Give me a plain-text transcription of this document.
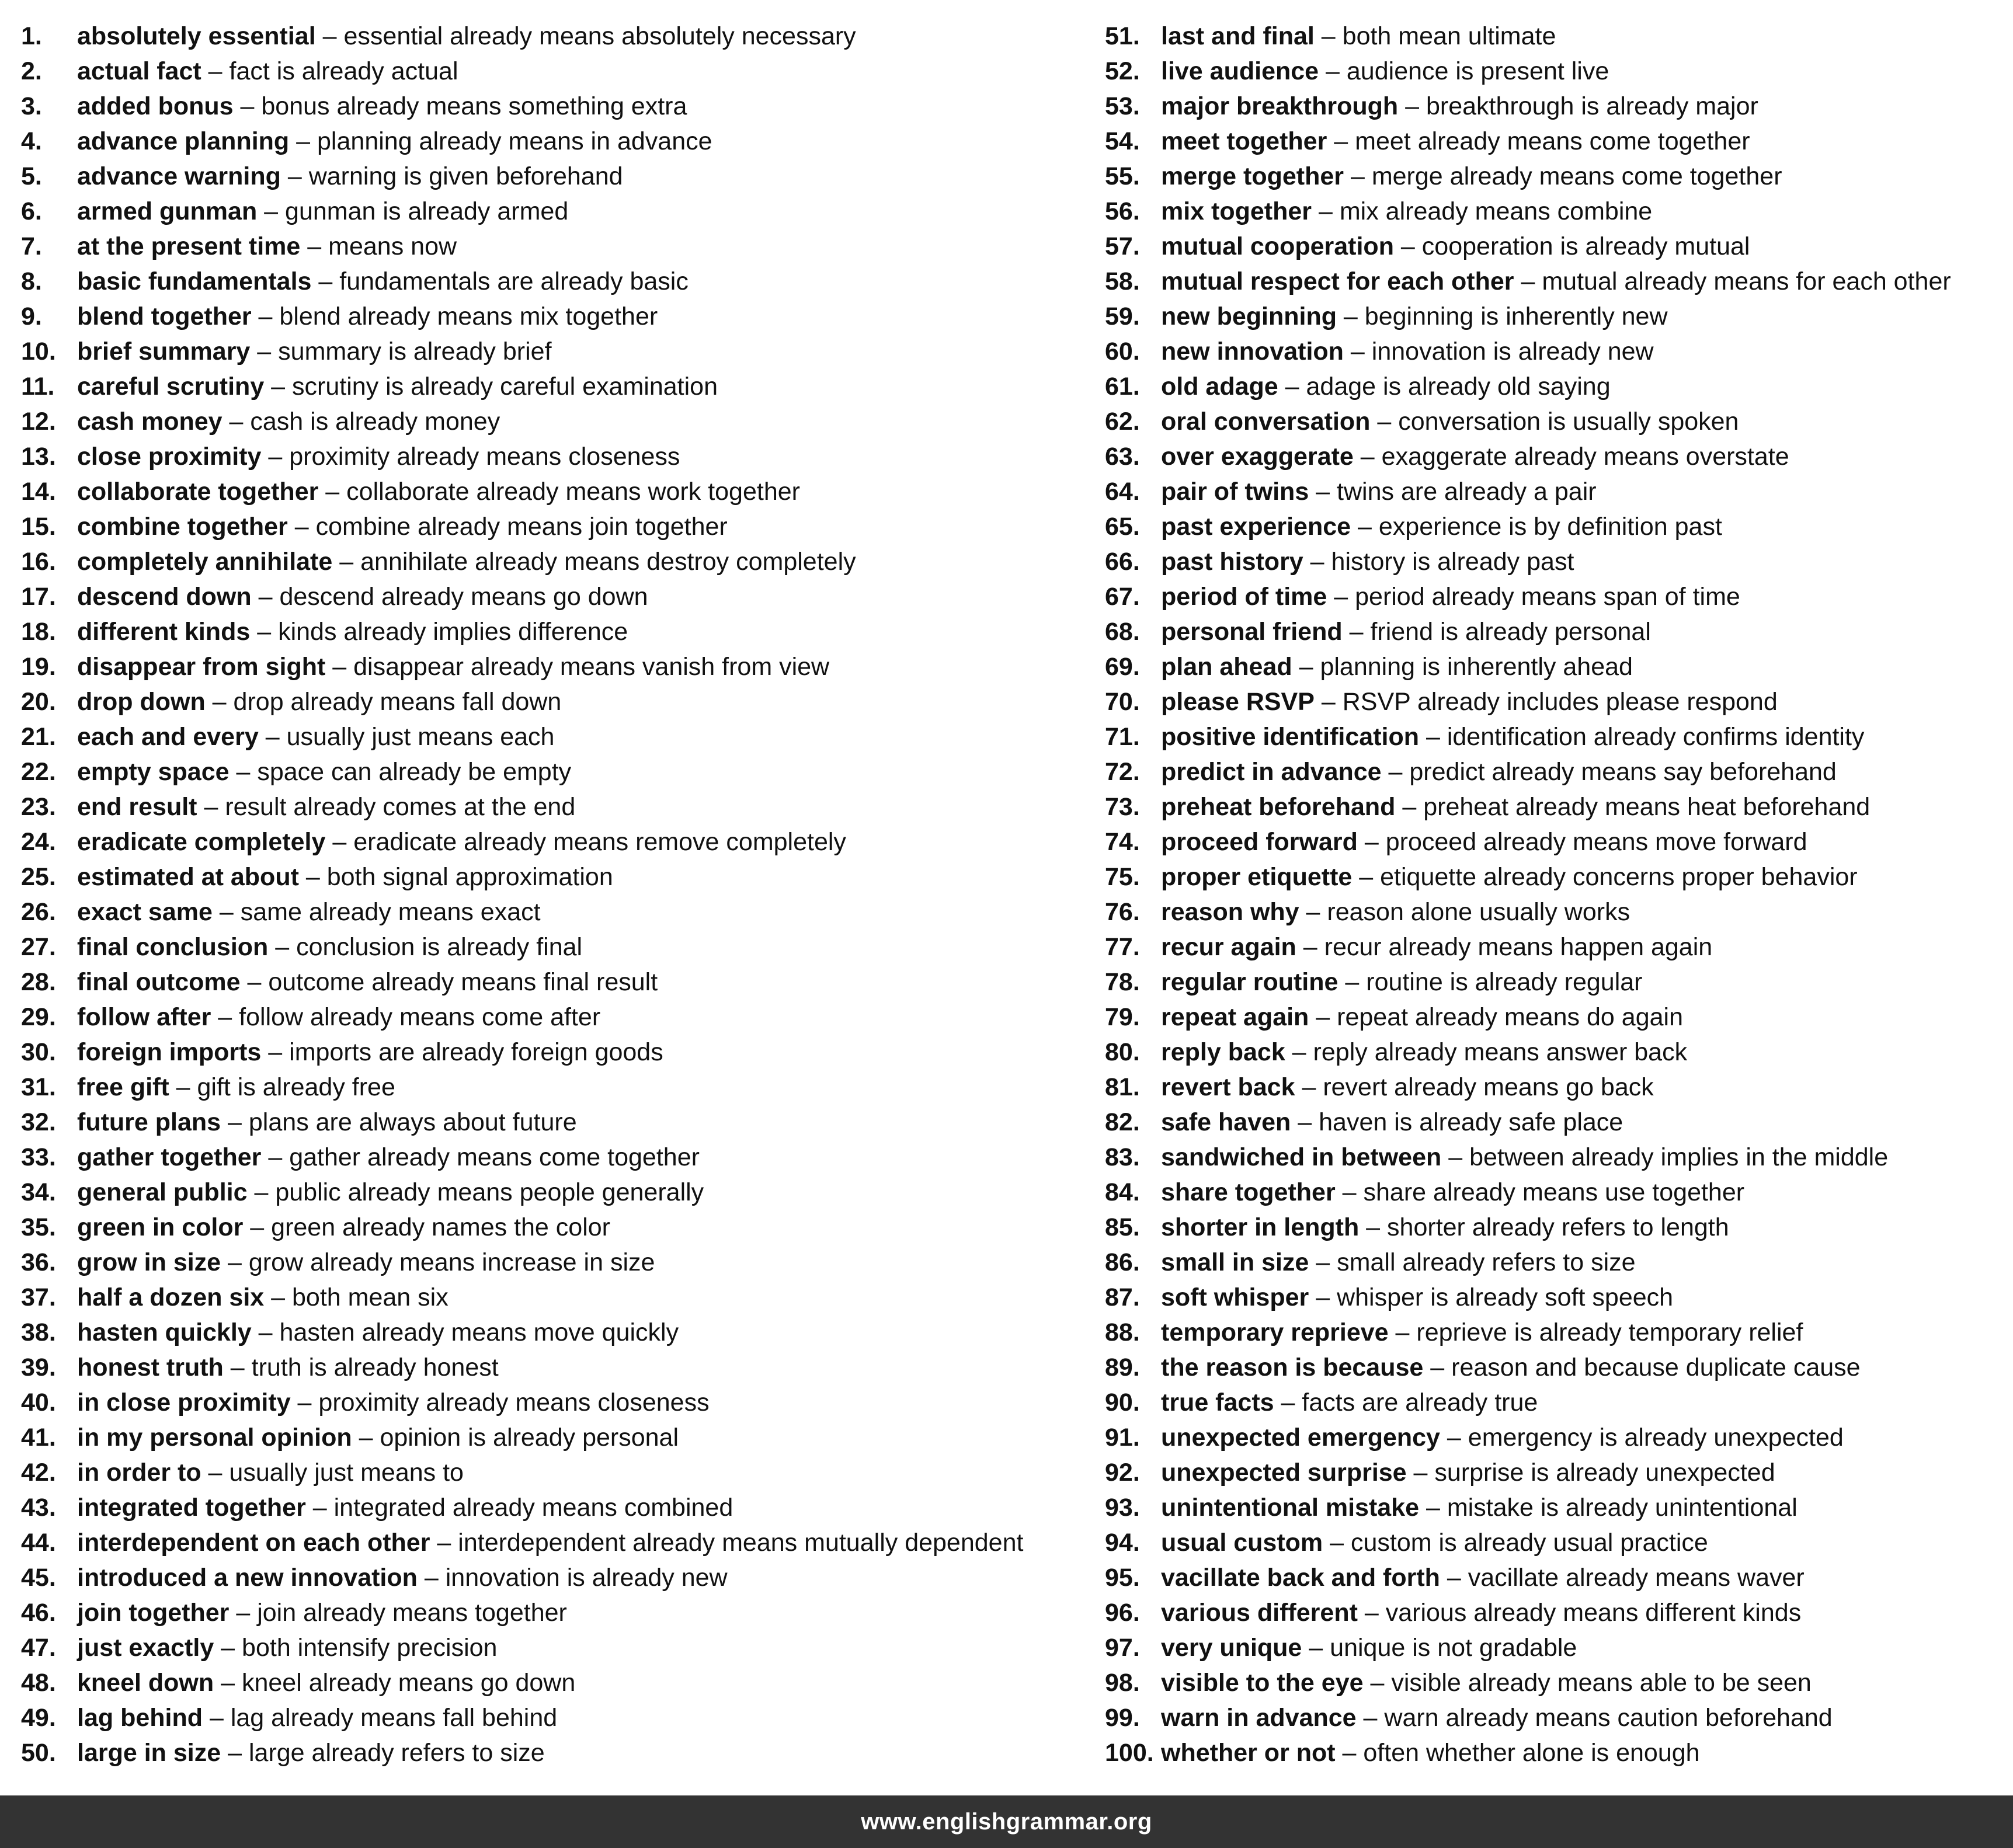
1.	absolutely essential – essential already means absolutely necessary
2.	actual fact – fact is already actual
3.	added bonus – bonus already means something extra
4.	advance planning – planning already means in advance
5.	advance warning – warning is given beforehand
6.	armed gunman – gunman is already armed
7.	at the present time – means now
8.	basic fundamentals – fundamentals are already basic
9.	blend together – blend already means mix together
10. brief summary – summary is already brief
11. careful scrutiny – scrutiny is already careful examination
12. cash money – cash is already money
13. close proximity – proximity already means closeness
14. collaborate together – collaborate already means work together
15. combine together – combine already means join together
16. completely annihilate – annihilate already means destroy completely
17. descend down – descend already means go down
18. different kinds – kinds already implies difference
19. disappear from sight – disappear already means vanish from view
20. drop down – drop already means fall down
21. each and every – usually just means each
22. empty space – space can already be empty
23. end result – result already comes at the end
24. eradicate completely – eradicate already means remove completely
25. estimated at about – both signal approximation
26. exact same – same already means exact
27. final conclusion – conclusion is already final
28. final outcome – outcome already means final result
29. follow after – follow already means come after
30. foreign imports – imports are already foreign goods
31. free gift – gift is already free
32. future plans – plans are always about future
33. gather together – gather already means come together
34. general public – public already means people generally
35. green in color – green already names the color
36. grow in size – grow already means increase in size
37. half a dozen six – both mean six
38. hasten quickly – hasten already means move quickly
39. honest truth – truth is already honest
40. in close proximity – proximity already means closeness
41. in my personal opinion – opinion is already personal
42. in order to – usually just means to
43. integrated together – integrated already means combined
44. interdependent on each other – interdependent already means mutually dependent
45. introduced a new innovation – innovation is already new
46. join together – join already means together
47. just exactly – both intensify precision
48. kneel down – kneel already means go down
49. lag behind – lag already means fall behind
50. large in size – large already refers to size
51. last and final – both mean ultimate
52. live audience – audience is present live
53. major breakthrough – breakthrough is already major
54. meet together – meet already means come together
55. merge together – merge already means come together
56. mix together – mix already means combine
57. mutual cooperation – cooperation is already mutual
58. mutual respect for each other – mutual already means for each other
59. new beginning – beginning is inherently new
60. new innovation – innovation is already new
61. old adage – adage is already old saying
62. oral conversation – conversation is usually spoken
63. over exaggerate – exaggerate already means overstate
64. pair of twins – twins are already a pair
65. past experience – experience is by definition past
66. past history – history is already past
67. period of time – period already means span of time
68. personal friend – friend is already personal
69. plan ahead – planning is inherently ahead
70. please RSVP – RSVP already includes please respond
71. positive identification – identification already confirms identity
72. predict in advance – predict already means say beforehand
73. preheat beforehand – preheat already means heat beforehand
74. proceed forward – proceed already means move forward
75. proper etiquette – etiquette already concerns proper behavior
76. reason why – reason alone usually works
77. recur again – recur already means happen again
78. regular routine – routine is already regular
79. repeat again – repeat already means do again
80. reply back – reply already means answer back
81. revert back – revert already means go back
82. safe haven – haven is already safe place
83. sandwiched in between – between already implies in the middle
84. share together – share already means use together
85. shorter in length – shorter already refers to length
86. small in size – small already refers to size
87. soft whisper – whisper is already soft speech
88. temporary reprieve – reprieve is already temporary relief
89. the reason is because – reason and because duplicate cause
90. true facts – facts are already true
91. unexpected emergency – emergency is already unexpected
92. unexpected surprise – surprise is already unexpected
93. unintentional mistake – mistake is already unintentional
94. usual custom – custom is already usual practice
95. vacillate back and forth – vacillate already means waver
96. various different – various already means different kinds
97. very unique – unique is not gradable
98. visible to the eye – visible already means able to be seen
99. warn in advance – warn already means caution beforehand
100. whether or not – often whether alone is enough
www.englishgrammar.org
